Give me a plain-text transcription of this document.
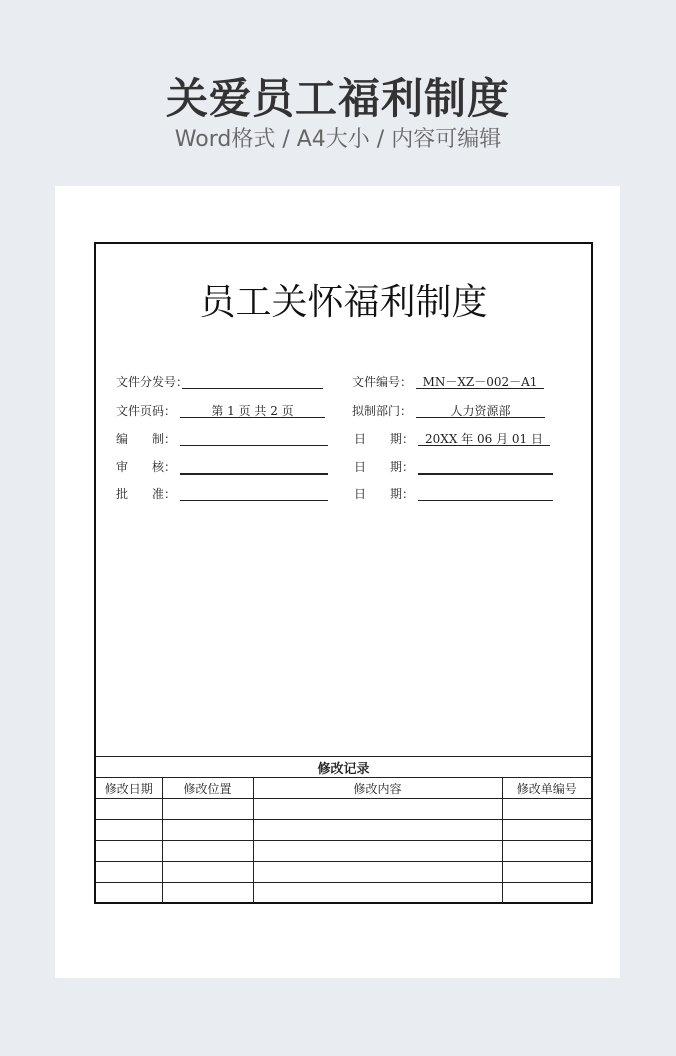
关爱员工福利制度
Word格式 / A4大小 / 内容可编辑
员工关怀福利制度
文件分发号：	文件编号： MN－XZ－002－A1
文件页码：	第 1 页 共 2 页	拟制部门：	人力资源部
编　　制：	日　　期： 20XX 年 06 月 01 日
审　　核：	日　　期：
批　　准：	日　　期：
修改记录			
修改日期	修改位置	修改内容	修改单编号
